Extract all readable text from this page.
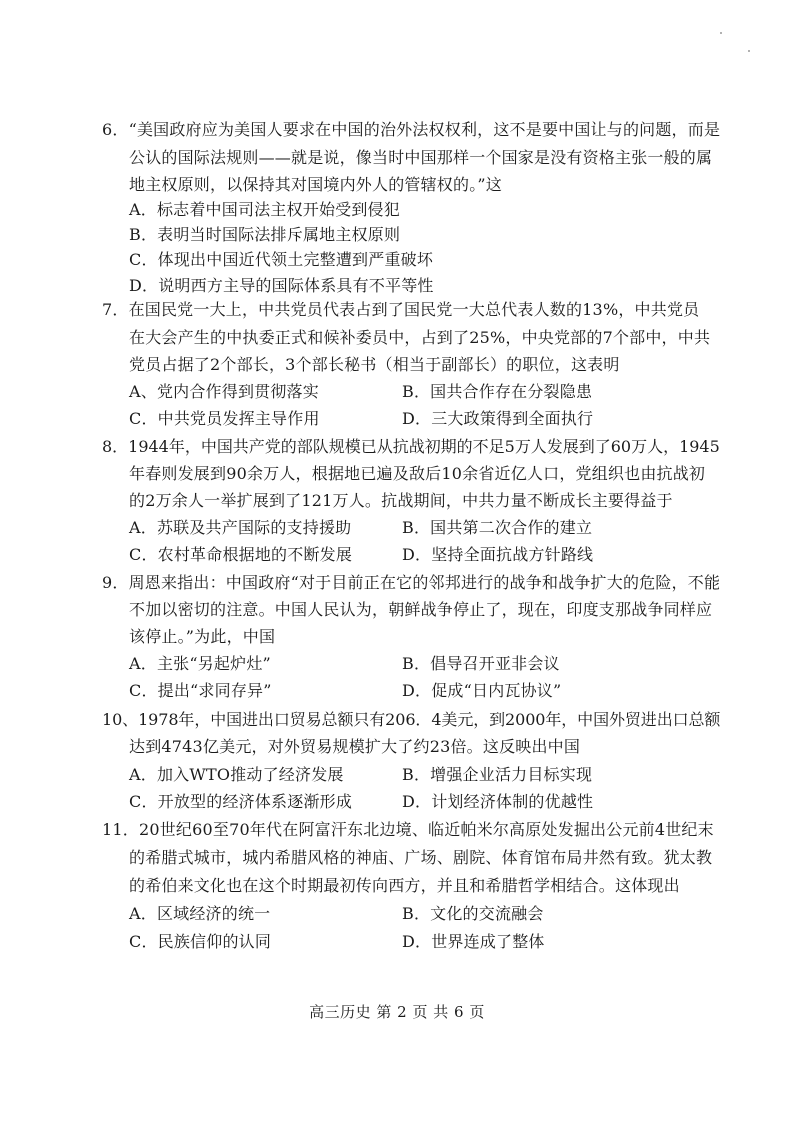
6．“美国政府应为美国人要求在中国的治外法权权利，这不是要中国让与的问题，而是
公认的国际法规则——就是说，像当时中国那样一个国家是没有资格主张一般的属
地主权原则，以保持其对国境内外人的管辖权的。”这
A．标志着中国司法主权开始受到侵犯
B．表明当时国际法排斥属地主权原则
C．体现出中国近代领土完整遭到严重破坏
D．说明西方主导的国际体系具有不平等性
7．在国民党一大上，中共党员代表占到了国民党一大总代表人数的13%，中共党员
在大会产生的中执委正式和候补委员中，占到了25%，中央党部的7个部中，中共
党员占据了2个部长，3个部长秘书（相当于副部长）的职位，这表明
A、党内合作得到贯彻落实	B．国共合作存在分裂隐患
C．中共党员发挥主导作用	D．三大政策得到全面执行
8．1944年，中国共产党的部队规模已从抗战初期的不足5万人发展到了60万人，1945
年春则发展到90余万人，根据地已遍及敌后10余省近亿人口，党组织也由抗战初
的2万余人一举扩展到了121万人。抗战期间，中共力量不断成长主要得益于
A．苏联及共产国际的支持援助	B．国共第二次合作的建立
C．农村革命根据地的不断发展	D．坚持全面抗战方针路线
9．周恩来指出：中国政府“对于目前正在它的邻邦进行的战争和战争扩大的危险，不能
不加以密切的注意。中国人民认为，朝鲜战争停止了，现在，印度支那战争同样应
该停止。”为此，中国
A．主张“另起炉灶”	B．倡导召开亚非会议
C．提出“求同存异”	D．促成“日内瓦协议”
10、1978年，中国进出口贸易总额只有206．4美元，到2000年，中国外贸进出口总额
达到4743亿美元，对外贸易规模扩大了约23倍。这反映出中国
A．加入WTO推动了经济发展	B．增强企业活力目标实现
C．开放型的经济体系逐渐形成	D．计划经济体制的优越性
11．20世纪60至70年代在阿富汗东北边境、临近帕米尔高原处发掘出公元前4世纪末
的希腊式城市，城内希腊风格的神庙、广场、剧院、体育馆布局井然有致。犹太教
的希伯来文化也在这个时期最初传向西方，并且和希腊哲学相结合。这体现出
A．区域经济的统一	B．文化的交流融会
C．民族信仰的认同	D．世界连成了整体
高三历史 第 2 页 共 6 页
